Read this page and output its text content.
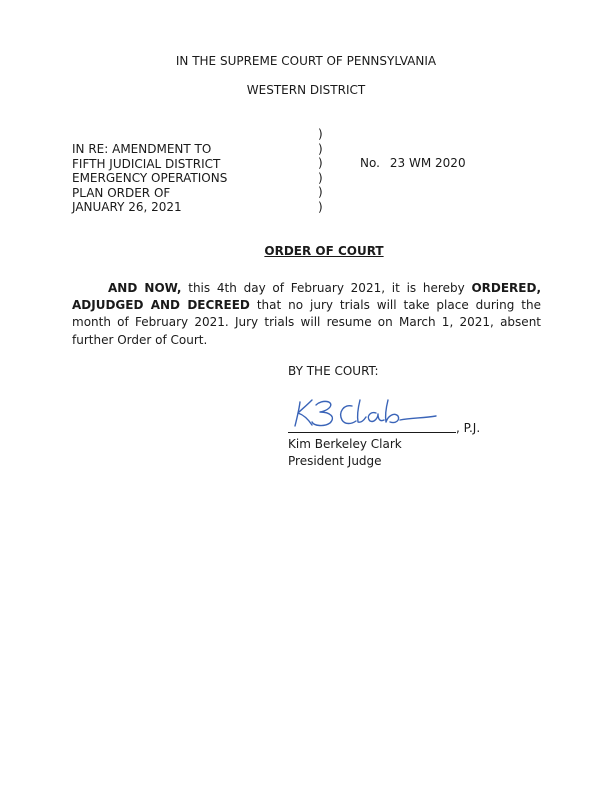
IN THE SUPREME COURT OF PENNSYLVANIA
WESTERN DISTRICT
IN RE: AMENDMENT TO
FIFTH JUDICIAL DISTRICT
EMERGENCY OPERATIONS
PLAN ORDER OF
JANUARY 26, 2021
)
)
)
)
)
)
No. 23 WM 2020
ORDER OF COURT
AND NOW, this 4th day of February 2021, it is hereby ORDERED, ADJUDGED AND DECREED that no jury trials will take place during the month of February 2021. Jury trials will resume on March 1, 2021, absent further Order of Court.
BY THE COURT:
, P.J.
Kim Berkeley Clark
President Judge
